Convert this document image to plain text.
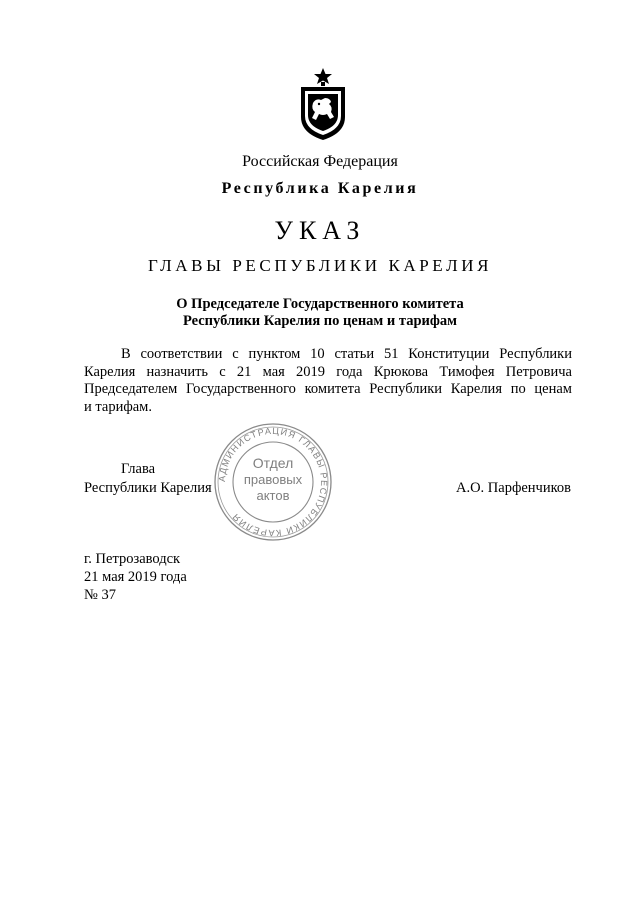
Российская Федерация
Республика Карелия
УКАЗ
ГЛАВЫ РЕСПУБЛИКИ КАРЕЛИЯ
О Председателе Государственного комитета
Республики Карелия по ценам и тарифам
В соответствии с пунктом 10 статьи 51 Конституции Республики
Карелия назначить с 21 мая 2019 года Крюкова Тимофея Петровича
Председателем Государственного комитета Республики Карелия по ценам
и тарифам.
АДМИНИСТРАЦИЯ ГЛАВЫ РЕСПУБЛИКИ КАРЕЛИЯ
Отдел
правовых
актов
Глава
Республики Карелия	А.О. Парфенчиков
г. Петрозаводск
21 мая 2019 года
№ 37
